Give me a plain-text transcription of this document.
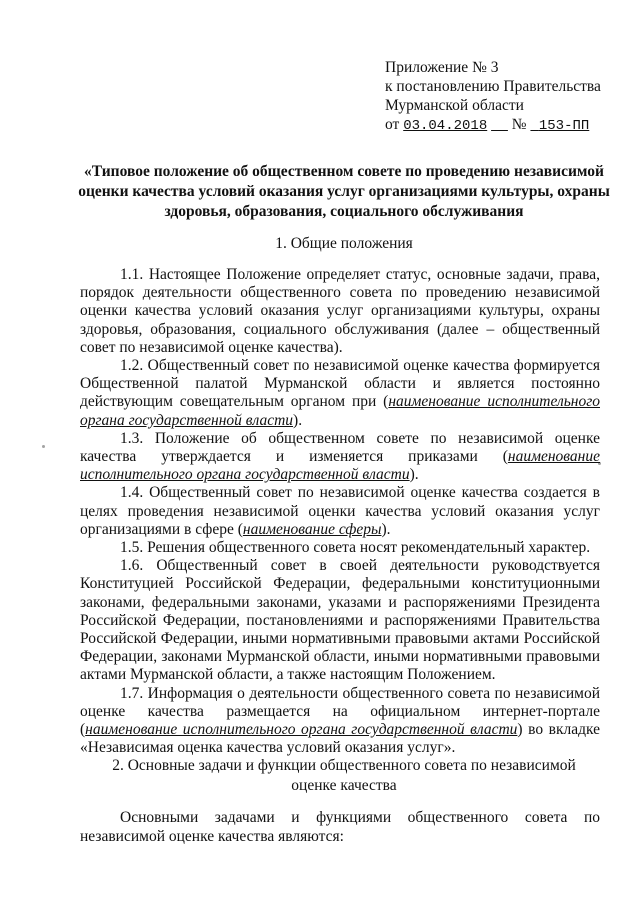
Приложение № 3
к постановлению Правительства
Мурманской области
от 03.04.2018 № 153-ПП
«Типовое положение об общественном совете по проведению независимой оценки качества условий оказания услуг организациями культуры, охраны здоровья, образования, социального обслуживания
1. Общие положения

1.1. Настоящее Положение определяет статус, основные задачи, права, порядок деятельности общественного совета по проведению независимой оценки качества условий оказания услуг организациями культуры, охраны здоровья, образования, социального обслуживания (далее – общественный совет по независимой оценке качества).

1.2. Общественный совет по независимой оценке качества формируется Общественной палатой Мурманской области и является постоянно действующим совещательным органом при (наименование исполнительного органа государственной власти).

1.3. Положение об общественном совете по независимой оценке качества утверждается и изменяется приказами (наименование исполнительного органа государственной власти).

1.4. Общественный совет по независимой оценке качества создается в целях проведения независимой оценки качества условий оказания услуг организациями в сфере (наименование сферы).

1.5. Решения общественного совета носят рекомендательный характер.

1.6. Общественный совет в своей деятельности руководствуется Конституцией Российской Федерации, федеральными конституционными законами, федеральными законами, указами и распоряжениями Президента Российской Федерации, постановлениями и распоряжениями Правительства Российской Федерации, иными нормативными правовыми актами Российской Федерации, законами Мурманской области, иными нормативными правовыми актами Мурманской области, а также настоящим Положением.

1.7. Информация о деятельности общественного совета по независимой оценке качества размещается на официальном интернет-портале (наименование исполнительного органа государственной власти) во вкладке «Независимая оценка качества условий оказания услуг».

2. Основные задачи и функции общественного совета по независимой
оценке качества

Основными задачами и функциями общественного совета по независимой оценке качества являются:
